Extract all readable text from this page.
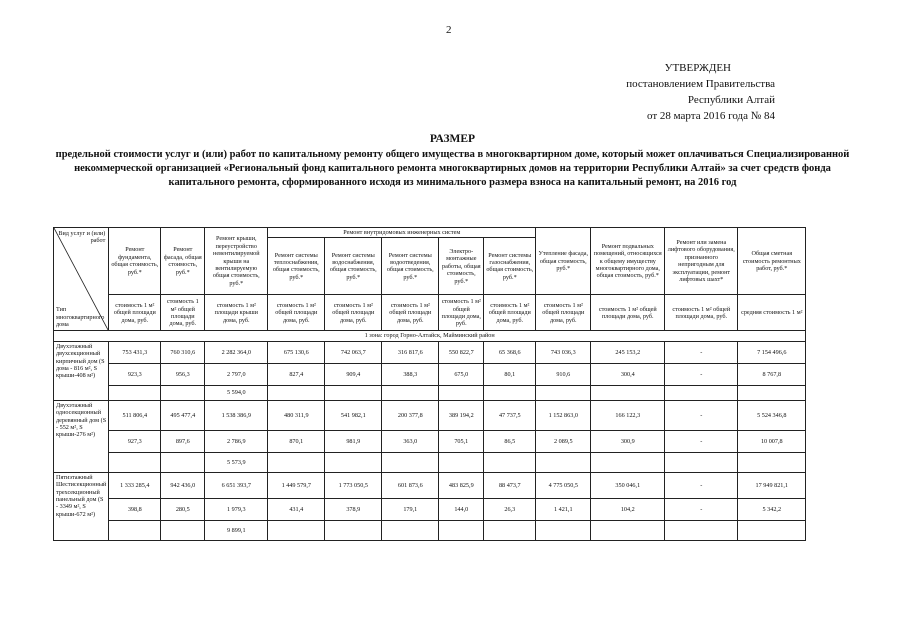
2
УТВЕРЖДЕН
постановлением Правительства
Республики Алтай
от 28 марта 2016 года № 84
РАЗМЕР
предельной стоимости услуг и (или) работ по капитальному ремонту общего имущества в многоквартирном доме, который может оплачиваться Специализированной некоммерческой организацией «Региональный фонд капитального ремонта многоквартирных домов на территории Республики Алтай» за счет средств фонда капитального ремонта, сформированного исходя из минимального размера взноса на капитальный ремонт, на 2016 год
Вид услуг и (или) работ
Тип многоквартирного дома	Ремонт фундамента, общая стоимость, руб.*	Ремонт фасада, общая стоимость, руб.*	Ремонт крыши, переустройство невентилируемой крыши на вентилируемую общая стоимость, руб.*	Ремонт внутридомовых инженерных систем					Утепление фасада, общая стоимость, руб.*	Ремонт подвальных помещений, относящихся к общему имуществу многоквартирного дома, общая стоимость, руб.*	Ремонт или замена лифтового оборудования, признанного непригодным для эксплуатации, ремонт лифтовых шахт*	Общая сметная стоимость ремонтных работ, руб.*
				Ремонт системы теплоснабжения, общая стоимость, руб.*	Ремонт системы водоснабжения, общая стоимость, руб.*	Ремонт системы водоотведения, общая стоимость, руб.*	Электро-монтажные работы, общая стоимость, руб.*	Ремонт системы газоснабжения, общая стоимость, руб.*				
	стоимость 1 м² общей площади дома, руб.	стоимость 1 м² общей площади дома, руб.	стоимость 1 м² площади крыши дома, руб.	стоимость 1 м² общей площади дома, руб.	стоимость 1 м² общей площади дома, руб.	стоимость 1 м² общей площади дома, руб.	стоимость 1 м² общей площади дома, руб.	стоимость 1 м² общей площади дома, руб.	стоимость 1 м² общей площади дома, руб.	стоимость 1 м² общей площади дома, руб.	стоимость 1 м² общей площади дома, руб.	средняя стоимость 1 м²
1 зона: город Горно-Алтайск, Майминский район												
Двухэтажный двухсекционный кирпичный дом (S дома - 816 м², S крыши-408 м²)	753 431,3	760 310,6	2 282 364,0	675 130,6	742 063,7	316 817,6	550 822,7	65 368,6	743 036,3	245 153,2	-	7 154 496,6
	923,3	956,3	2 797,0	827,4	909,4	388,3	675,0	80,1	910,6	300,4	-	8 767,8
			5 594,0									
Двухэтажный односекционный деревянный дом (S - 552 м², S крыши-276 м²)	511 806,4	495 477,4	1 538 386,9	480 311,9	541 982,1	200 377,8	389 194,2	47 737,5	1 152 863,0	166 122,3	-	5 524 346,8
	927,3	897,6	2 786,9	870,1	981,9	363,0	705,1	86,5	2 089,5	300,9	-	10 007,8
			5 573,9									
Пятиэтажный Шестисекционный трехсекционный панельный дом (S - 3349 м², S крыши-672 м²)	1 333 285,4	942 436,0	6 651 393,7	1 449 579,7	1 773 050,5	601 873,6	483 825,9	88 473,7	4 775 050,5	350 046,1	-	17 949 821,1
	398,8	280,5	1 979,3	431,4	378,9	179,1	144,0	26,3	1 421,1	104,2	-	5 342,2
			9 899,1									
